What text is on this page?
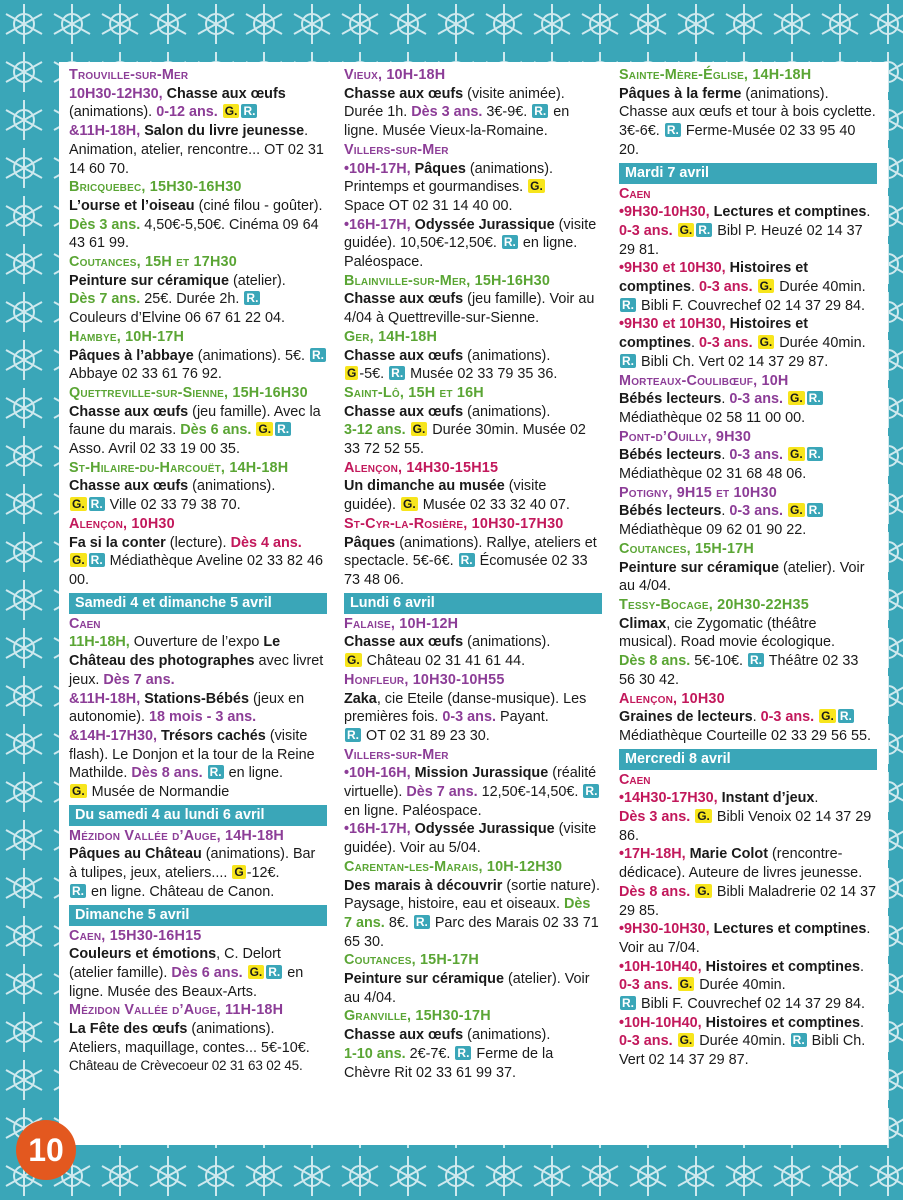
Trouville-sur-Mer
10H30-12H30, Chasse aux œufs (animations). 0-12 ans. G. R.
&11H-18H, Salon du livre jeunesse. Animation, atelier, rencontre... OT 02 31 14 60 70.

Bricquebec, 15H30-16H30
L’ourse et l’oiseau (ciné filou - goûter). Dès 3 ans. 4,50€-5,50€. Cinéma 09 64 43 61 99.

Coutances, 15H et 17H30
Peinture sur céramique (atelier).
Dès 7 ans. 25€. Durée 2h. R.
Couleurs d’Elvine 06 67 61 22 04.

Hambye, 10H-17H
Pâques à l’abbaye (animations). 5€. R. Abbaye 02 33 61 76 92.

Quettreville-sur-Sienne, 15H-16H30
Chasse aux œufs (jeu famille). Avec la faune du marais. Dès 6 ans. G. R. Asso. Avril 02 33 19 00 35.

St-Hilaire-du-Harcouët, 14H-18H
Chasse aux œufs (animations).
G. R. Ville 02 33 79 38 70.

Alençon, 10H30
Fa si la conter (lecture). Dès 4 ans.
G. R. Médiathèque Aveline 02 33 82 46 00.

Samedi 4 et dimanche 5 avril
Caen

11H-18H, Ouverture de l’expo Le Château des photographes avec livret jeux. Dès 7 ans.

&11H-18H, Stations-Bébés (jeux en autonomie). 18 mois - 3 ans.

&14H-17H30, Trésors cachés (visite flash). Le Donjon et la tour de la Reine Mathilde. Dès 8 ans. R. en ligne.
G. Musée de Normandie

Du samedi 4 au lundi 6 avril

Mézidon Vallée d’Auge, 14H-18H
Pâques au Château (animations). Bar à tulipes, jeux, ateliers.... G -12€.
R. en ligne. Château de Canon.

Dimanche 5 avril

Caen, 15H30-16H15
Couleurs et émotions, C. Delort (atelier famille). Dès 6 ans. G. R. en ligne. Musée des Beaux-Arts.

Mézidon Vallée d’Auge, 11H-18H
La Fête des œufs (animations). Ateliers, maquillage, contes... 5€-10€.
Château de Crèvecoeur 02 31 63 02 45.

Vieux, 10H-18H
Chasse aux œufs (visite animée). Durée 1h. Dès 3 ans. 3€-9€. R. en ligne. Musée Vieux-la-Romaine.

Villers-sur-Mer

•10H-17H, Pâques (animations). Printemps et gourmandises. G.
Space OT 02 31 14 40 00.

•16H-17H, Odyssée Jurassique (visite guidée). 10,50€-12,50€. R. en ligne. Paléospace.

Blainville-sur-Mer, 15H-16H30
Chasse aux œufs (jeu famille). Voir au 4/04 à Quettreville-sur-Sienne.

Ger, 14H-18H
Chasse aux œufs (animations).
G -5€. R. Musée 02 33 79 35 36.

Saint-Lô, 15H et 16H
Chasse aux œufs (animations).
3-12 ans. G. Durée 30min. Musée 02 33 72 52 55.

Alençon, 14H30-15H15
Un dimanche au musée (visite guidée). G. Musée 02 33 32 40 07.

St-Cyr-la-Rosière, 10H30-17H30
Pâques (animations). Rallye, ateliers et spectacle. 5€-6€. R. Écomusée 02 33 73 48 06.

Lundi 6 avril

Falaise, 10H-12H
Chasse aux œufs (animations).
G. Château 02 31 41 61 44.

Honfleur, 10H30-10H55
Zaka, cie Eteile (danse-musique). Les premières fois. 0-3 ans. Payant.
R. OT 02 31 89 23 30.

Villers-sur-Mer

•10H-16H, Mission Jurassique (réalité virtuelle). Dès 7 ans. 12,50€-14,50€. R. en ligne. Paléospace.

•16H-17H, Odyssée Jurassique (visite guidée). Voir au 5/04.

Carentan-les-Marais, 10H-12H30
Des marais à découvrir (sortie nature). Paysage, histoire, eau et oiseaux. Dès 7 ans. 8€. R. Parc des Marais 02 33 71 65 30.

Coutances, 15H-17H
Peinture sur céramique (atelier). Voir au 4/04.

Granville, 15H30-17H
Chasse aux œufs (animations).
1-10 ans. 2€-7€. R. Ferme de la Chèvre Rit 02 33 61 99 37.

Sainte-Mère-Église, 14H-18H
Pâques à la ferme (animations). Chasse aux œufs et tour à bois cyclette. 3€-6€. R. Ferme-Musée 02 33 95 40 20.

Mardi 7 avril
Caen

•9H30-10H30, Lectures et comptines. 0-3 ans. G. R. Bibl P. Heuzé 02 14 37 29 81.

•9H30 et 10H30, Histoires et comptines. 0-3 ans. G. Durée 40min. R. Bibli F. Couvrechef 02 14 37 29 84.

•9H30 et 10H30, Histoires et comptines. 0-3 ans. G. Durée 40min. R. Bibli Ch. Vert 02 14 37 29 87.

Morteaux-Coulibœuf, 10H
Bébés lecteurs. 0-3 ans. G. R.
Médiathèque 02 58 11 00 00.

Pont-d’Ouilly, 9H30
Bébés lecteurs. 0-3 ans. G. R.
Médiathèque 02 31 68 48 06.

Potigny, 9H15 et 10H30
Bébés lecteurs. 0-3 ans. G. R.
Médiathèque 09 62 01 90 22.

Coutances, 15H-17H
Peinture sur céramique (atelier). Voir au 4/04.

Tessy-Bocage, 20H30-22H35
Climax, cie Zygomatic (théâtre musical). Road movie écologique.
Dès 8 ans. 5€-10€. R. Théâtre 02 33 56 30 42.

Alençon, 10H30
Graines de lecteurs. 0-3 ans. G. R.
Médiathèque Courteille 02 33 29 56 55.

Mercredi 8 avril
Caen

•14H30-17H30, Instant d’jeux.
Dès 3 ans. G. Bibli Venoix 02 14 37 29 86.

•17H-18H, Marie Colot (rencontre-dédicace). Auteure de livres jeunesse. Dès 8 ans. G. Bibli Maladrerie 02 14 37 29 85.

•9H30-10H30, Lectures et comptines. Voir au 7/04.

•10H-10H40, Histoires et comptines. 0-3 ans. G. Durée 40min.
R. Bibli F. Couvrechef 02 14 37 29 84.

•10H-10H40, Histoires et comptines.
0-3 ans. G. Durée 40min. R. Bibli Ch. Vert 02 14 37 29 87.

10
